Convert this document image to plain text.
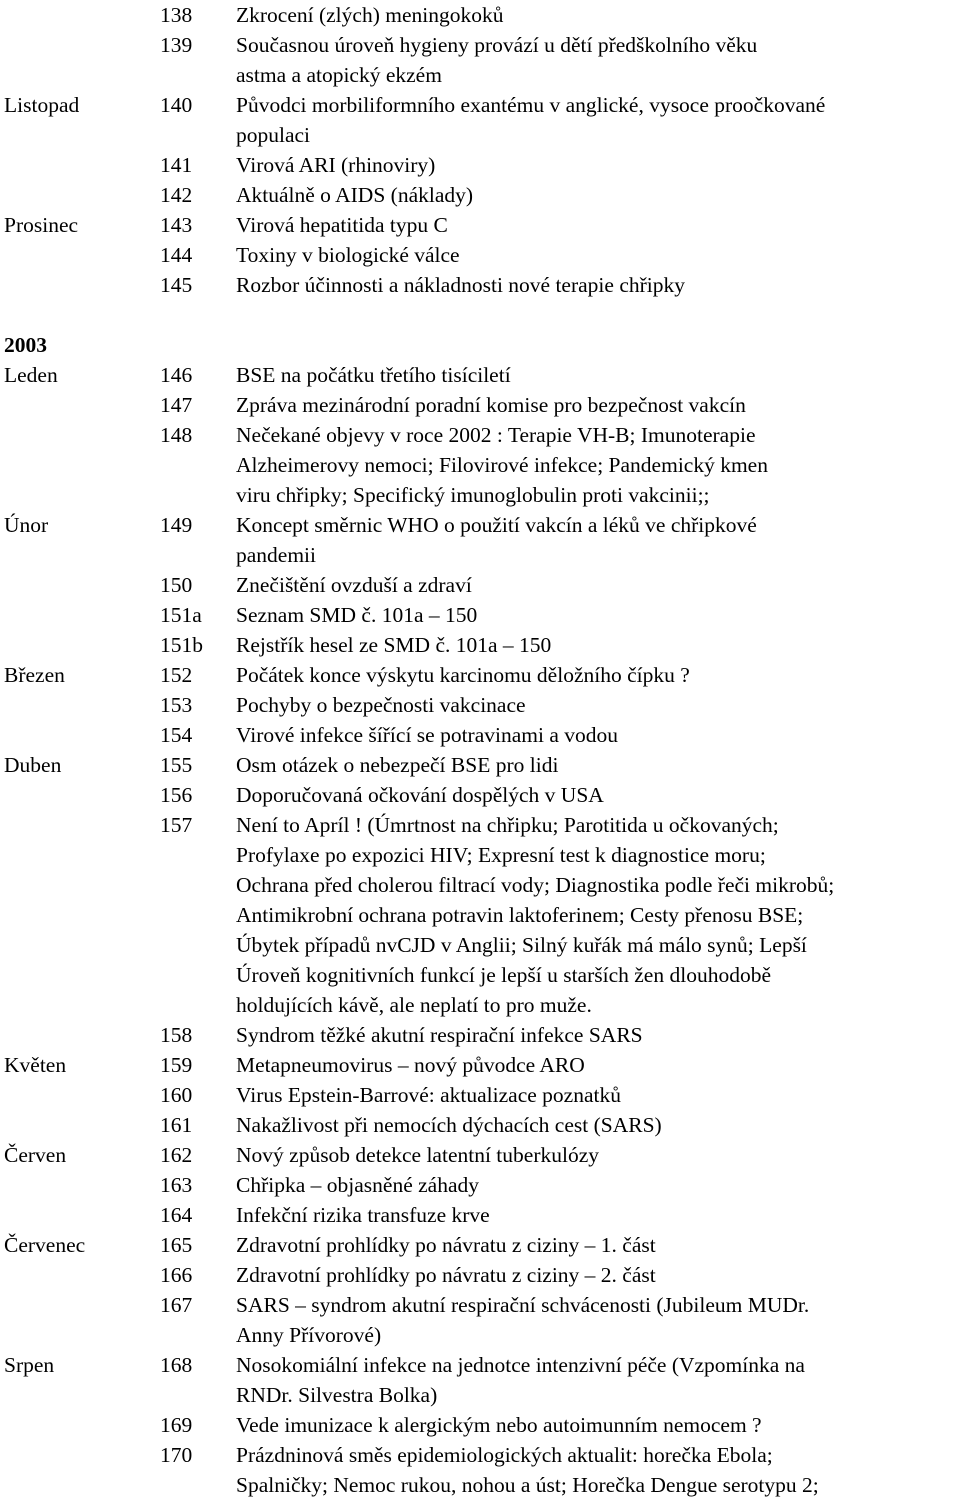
138 Zkrocení (zlých) meningokoků
139 Současnou úroveň hygieny provází u dětí předškolního věku
astma a atopický ekzém
Listopad	140 Původci morbiliformního exantému v anglické, vysoce proočkované
populaci
141 Virová ARI (rhinoviry)
142 Aktuálně o AIDS (náklady)
Prosinec	143 Virová hepatitida typu C
144 Toxiny v biologické válce
145 Rozbor účinnosti a nákladnosti nové terapie chřipky
2003
Leden	146 BSE na počátku třetího tisíciletí
147 Zpráva mezinárodní poradní komise pro bezpečnost vakcín
148 Nečekané objevy v roce 2002 : Terapie VH-B; Imunoterapie
Alzheimerovy nemoci; Filovirové infekce; Pandemický kmen
viru chřipky; Specifický imunoglobulin proti vakcinii;;
Únor	149 Koncept směrnic WHO o použití vakcín a léků ve chřipkové
pandemii
150 Znečištění ovzduší a zdraví
151a Seznam SMD č. 101a – 150
151b Rejstřík hesel ze SMD č. 101a – 150
Březen	152 Počátek konce výskytu karcinomu děložního čípku ?
153 Pochyby o bezpečnosti vakcinace
154 Virové infekce šířící se potravinami a vodou
Duben	155 Osm otázek o nebezpečí BSE pro lidi
156 Doporučovaná očkování dospělých v USA
157 Není to Apríl ! (Úmrtnost na chřipku; Parotitida u očkovaných;
Profylaxe po expozici HIV; Expresní test k diagnostice moru;
Ochrana před cholerou filtrací vody; Diagnostika podle řeči mikrobů;
Antimikrobní ochrana potravin laktoferinem; Cesty přenosu BSE;
Úbytek případů nvCJD v Anglii; Silný kuřák má málo synů; Lepší
Úroveň kognitivních funkcí je lepší u starších žen dlouhodobě
holdujících kávě, ale neplatí to pro muže.
158 Syndrom těžké akutní respirační infekce SARS
Květen	159 Metapneumovirus – nový původce ARO
160 Virus Epstein-Barrové: aktualizace poznatků
161 Nakažlivost při nemocích dýchacích cest (SARS)
Červen	162 Nový způsob detekce latentní tuberkulózy
163 Chřipka – objasněné záhady
164 Infekční rizika transfuze krve
Červenec	165 Zdravotní prohlídky po návratu z ciziny – 1. část
166 Zdravotní prohlídky po návratu z ciziny – 2. část
167 SARS – syndrom akutní respirační schvácenosti (Jubileum MUDr.
Anny Přívorové)
Srpen	168 Nosokomiální infekce na jednotce intenzivní péče (Vzpomínka na
RNDr. Silvestra Bolka)
169 Vede imunizace k alergickým nebo autoimunním nemocem ?
170 Prázdninová směs epidemiologických aktualit: horečka Ebola;
Spalničky; Nemoc rukou, nohou a úst; Horečka Dengue serotypu 2;
